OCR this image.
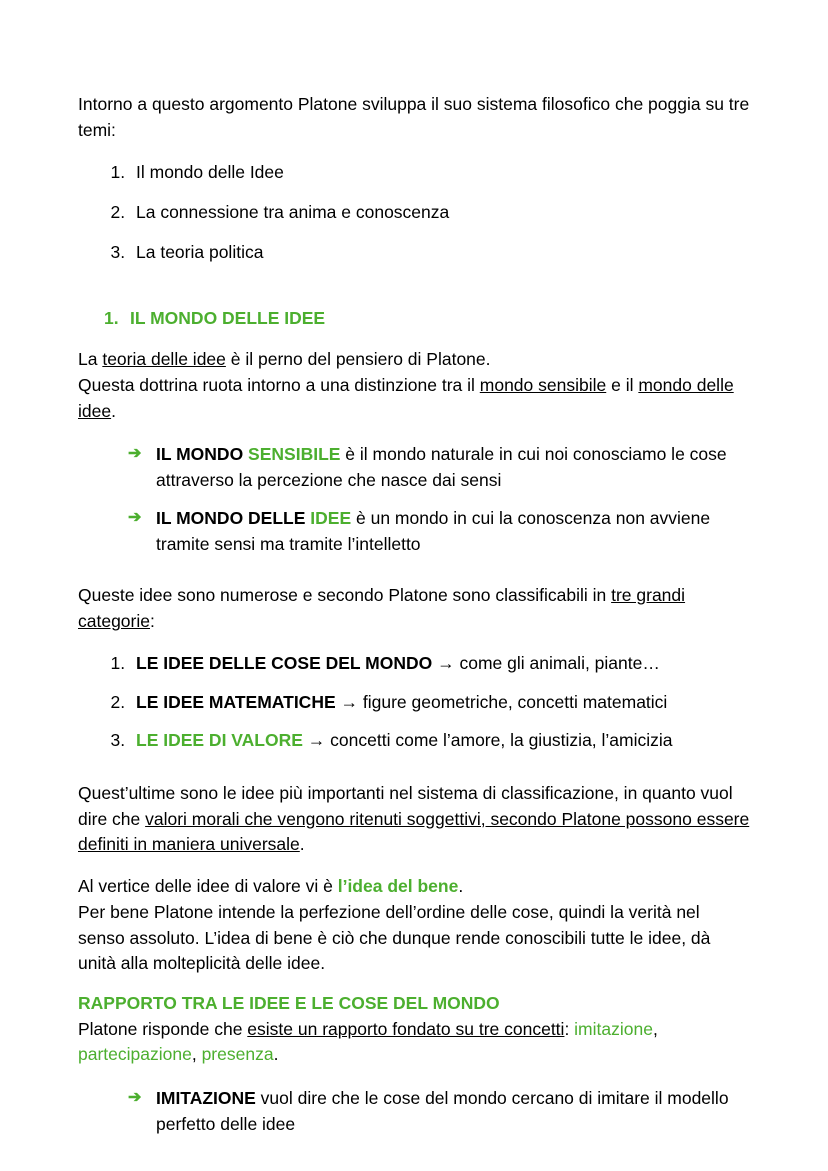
Intorno a questo argomento Platone sviluppa il suo sistema filosofico che poggia su tre temi:

1. Il mondo delle Idee
2. La connessione tra anima e conoscenza
3. La teoria politica
1. IL MONDO DELLE IDEE

La teoria delle idee è il perno del pensiero di Platone.

Questa dottrina ruota intorno a una distinzione tra il mondo sensibile e il mondo delle idee.

➔ IL MONDO SENSIBILE è il mondo naturale in cui noi conosciamo le cose attraverso la percezione che nasce dai sensi
➔ IL MONDO DELLE IDEE è un mondo in cui la conoscenza non avviene tramite sensi ma tramite l’intelletto

Queste idee sono numerose e secondo Platone sono classificabili in tre grandi categorie:

1. LE IDEE DELLE COSE DEL MONDO → come gli animali, piante…
2. LE IDEE MATEMATICHE → figure geometriche, concetti matematici
3. LE IDEE DI VALORE → concetti come l’amore, la giustizia, l’amicizia

Quest’ultime sono le idee più importanti nel sistema di classificazione, in quanto vuol dire che valori morali che vengono ritenuti soggettivi, secondo Platone possono essere definiti in maniera universale.

Al vertice delle idee di valore vi è l’idea del bene.

Per bene Platone intende la perfezione dell’ordine delle cose, quindi la verità nel senso assoluto. L’idea di bene è ciò che dunque rende conoscibili tutte le idee, dà unità alla molteplicità delle idee.

RAPPORTO TRA LE IDEE E LE COSE DEL MONDO

Platone risponde che esiste un rapporto fondato su tre concetti: imitazione, partecipazione, presenza.

➔ IMITAZIONE vuol dire che le cose del mondo cercano di imitare il modello perfetto delle idee
